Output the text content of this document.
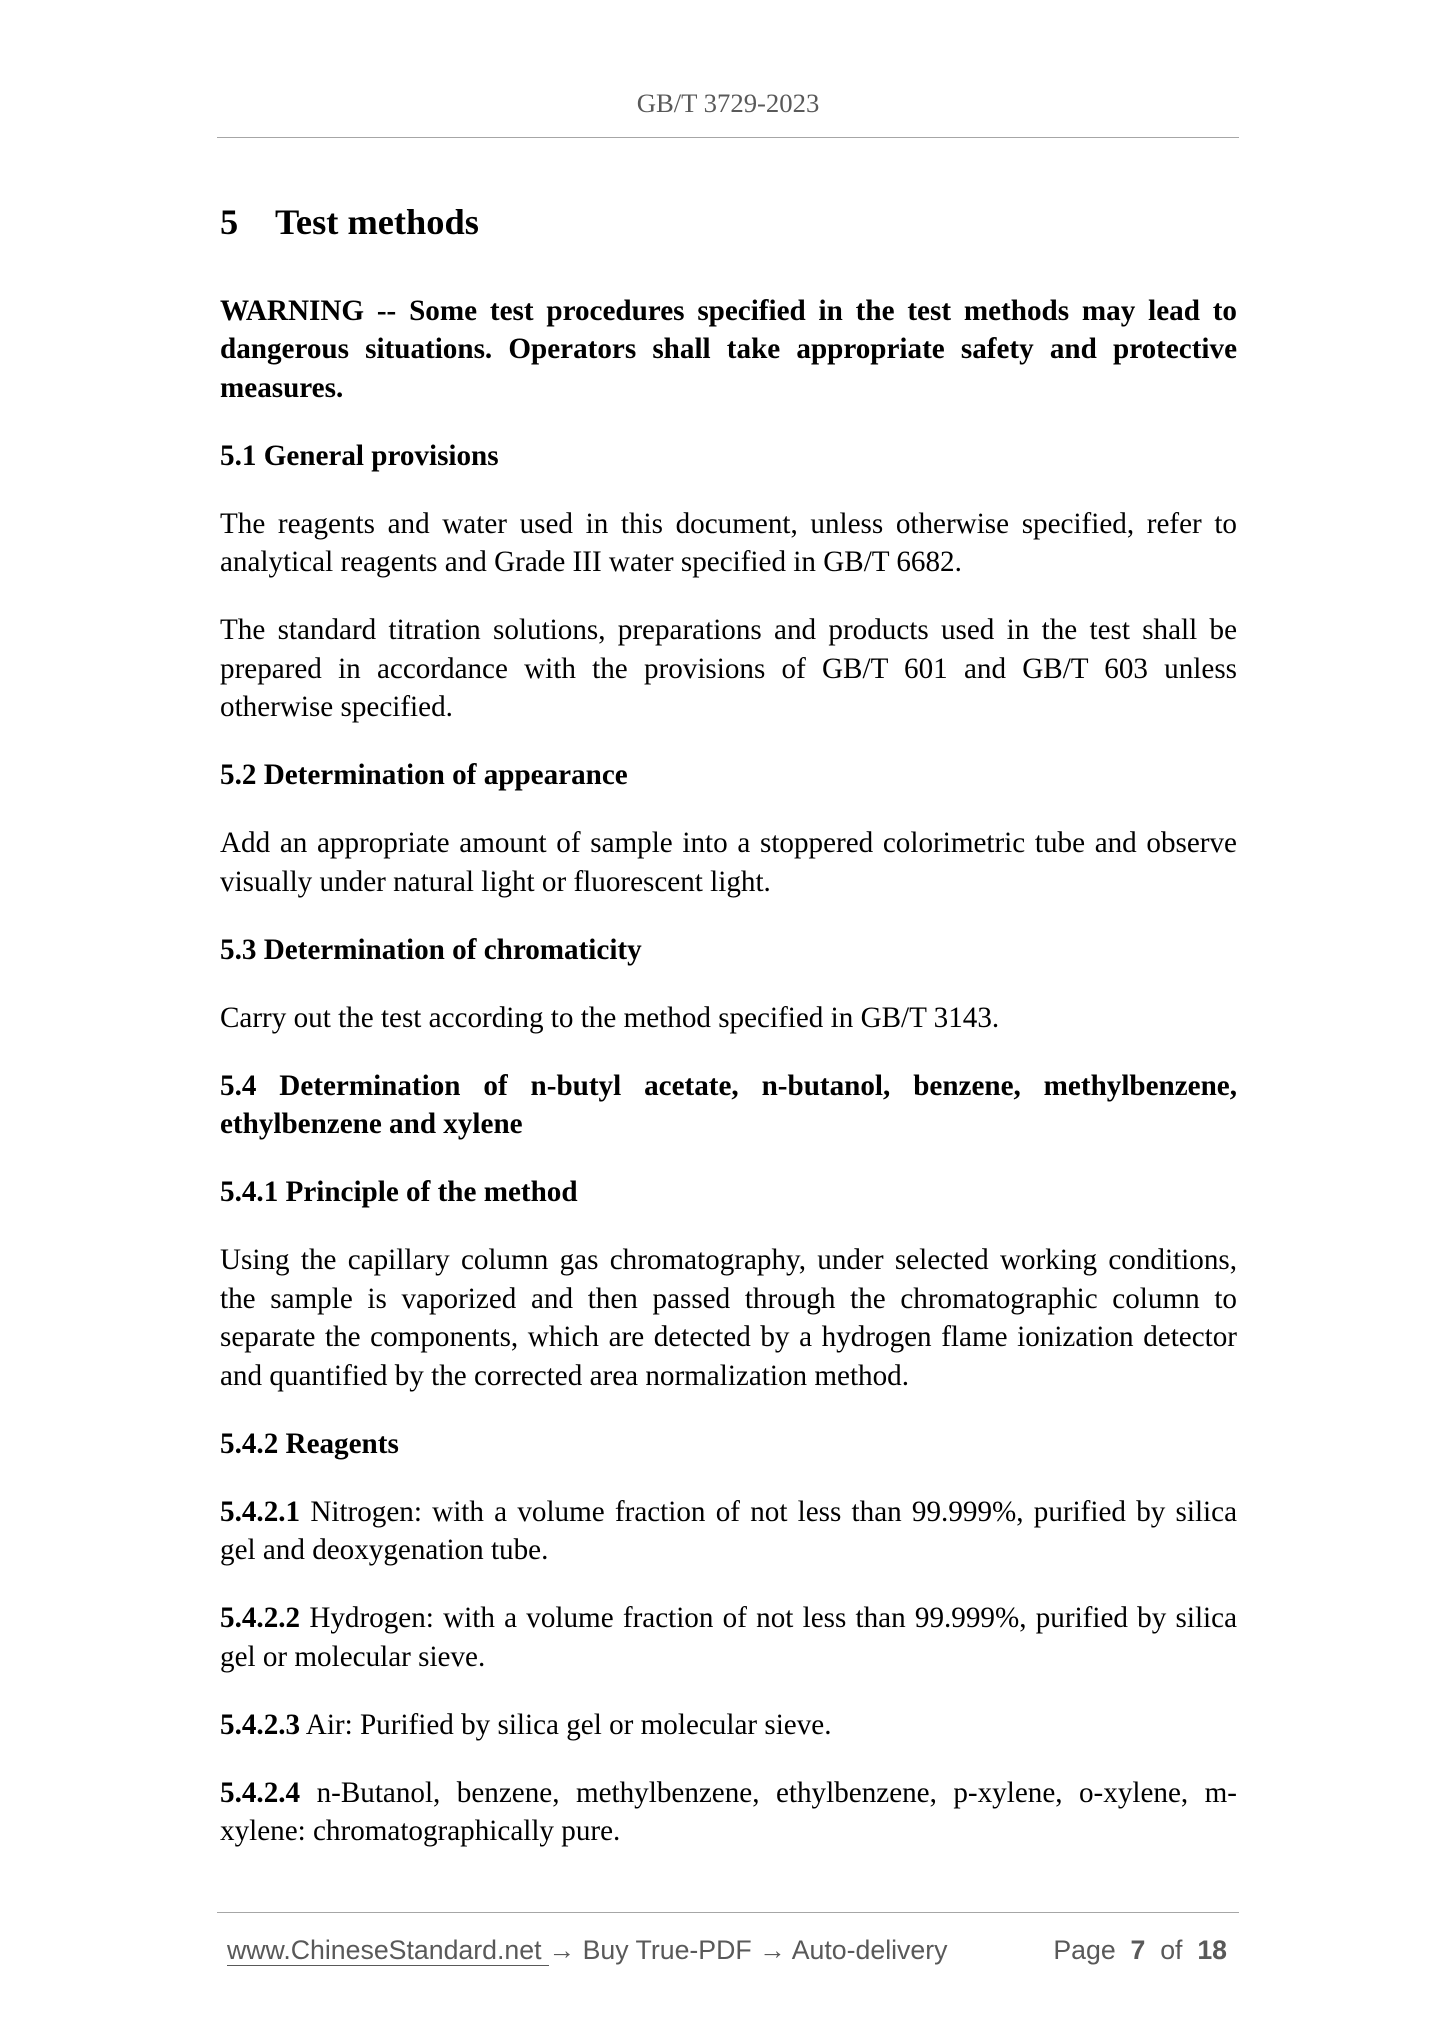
GB/T 3729-2023
5 Test methods

WARNING -- Some test procedures specified in the test methods may lead to dangerous situations. Operators shall take appropriate safety and protective measures.

5.1 General provisions

The reagents and water used in this document, unless otherwise specified, refer to analytical reagents and Grade III water specified in GB/T 6682.

The standard titration solutions, preparations and products used in the test shall be prepared in accordance with the provisions of GB/T 601 and GB/T 603 unless otherwise specified.

5.2 Determination of appearance

Add an appropriate amount of sample into a stoppered colorimetric tube and observe visually under natural light or fluorescent light.

5.3 Determination of chromaticity

Carry out the test according to the method specified in GB/T 3143.

5.4 Determination of n-butyl acetate, n-butanol, benzene, methylbenzene, ethylbenzene and xylene

5.4.1 Principle of the method

Using the capillary column gas chromatography, under selected working conditions, the sample is vaporized and then passed through the chromatographic column to separate the components, which are detected by a hydrogen flame ionization detector and quantified by the corrected area normalization method.

5.4.2 Reagents

5.4.2.1 Nitrogen: with a volume fraction of not less than 99.999%, purified by silica gel and deoxygenation tube.

5.4.2.2 Hydrogen: with a volume fraction of not less than 99.999%, purified by silica gel or molecular sieve.

5.4.2.3 Air: Purified by silica gel or molecular sieve.

5.4.2.4 n-Butanol, benzene, methylbenzene, ethylbenzene, p-xylene, o-xylene, m-xylene: chromatographically pure.

www.ChineseStandard.net → Buy True-PDF → Auto-delivery	Page 7 of 18
